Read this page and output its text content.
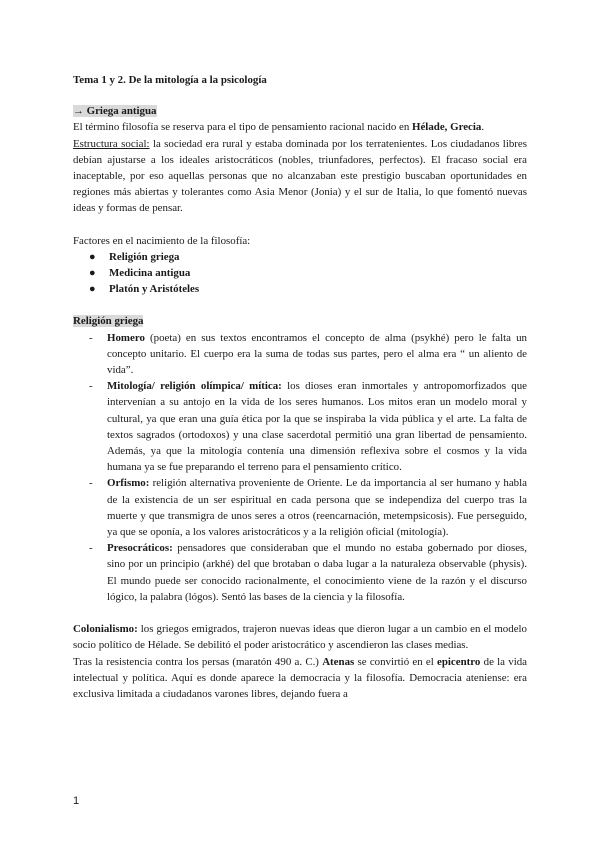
Tema 1 y 2. De la mitología a la psicología

→ Griega antigua

El término filosofía se reserva para el tipo de pensamiento racional nacido en Hélade, Grecia.

Estructura social: la sociedad era rural y estaba dominada por los terratenientes. Los ciudadanos libres debían ajustarse a los ideales aristocráticos (nobles, triunfadores, perfectos). El fracaso social era inaceptable, por eso aquellas personas que no alcanzaban este prestigio buscaban oportunidades en regiones más abiertas y tolerantes como Asia Menor (Jonia) y el sur de Italia, lo que fomentó nuevas ideas y formas de pensar.

Factores en el nacimiento de la filosofía:

● Religión griega
● Medicina antigua
● Platón y Aristóteles
Religión griega
- Homero (poeta) en sus textos encontramos el concepto de alma (psykhé) pero le falta un concepto unitario. El cuerpo era la suma de todas sus partes, pero el alma era “ un aliento de vida”.
- Mitología/ religión olímpica/ mítica: los dioses eran inmortales y antropomorfizados que intervenían a su antojo en la vida de los seres humanos. Los mitos eran un modelo moral y cultural, ya que eran una guía ética por la que se inspiraba la vida pública y el arte. La falta de textos sagrados (ortodoxos) y una clase sacerdotal permitió una gran libertad de pensamiento. Además, ya que la mitología contenía una dimensión reflexiva sobre el cosmos y la vida humana ya se fue preparando el terreno para el pensamiento crítico.
- Orfismo: religión alternativa proveniente de Oriente. Le da importancia al ser humano y habla de la existencia de un ser espiritual en cada persona que se independiza del cuerpo tras la muerte y que transmigra de unos seres a otros (reencarnación, metempsicosis). Fue perseguido, ya que se oponía, a los valores aristocráticos y a la religión oficial (mitología).
- Presocráticos: pensadores que consideraban que el mundo no estaba gobernado por dioses, sino por un principio (arkhé) del que brotaban o daba lugar a la naturaleza observable (physis). El mundo puede ser conocido racionalmente, el conocimiento viene de la razón y el discurso lógico, la palabra (lógos). Sentó las bases de la ciencia y la filosofía.

Colonialismo: los griegos emigrados, trajeron nuevas ideas que dieron lugar a un cambio en el modelo socio político de Hélade. Se debilitó el poder aristocrático y ascendieron las clases medias.

Tras la resistencia contra los persas (maratón 490 a. C.) Atenas se convirtió en el epicentro de la vida intelectual y política. Aquí es donde aparece la democracia y la filosofía. Democracia ateniense: era exclusiva limitada a ciudadanos varones libres, dejando fuera a

1
